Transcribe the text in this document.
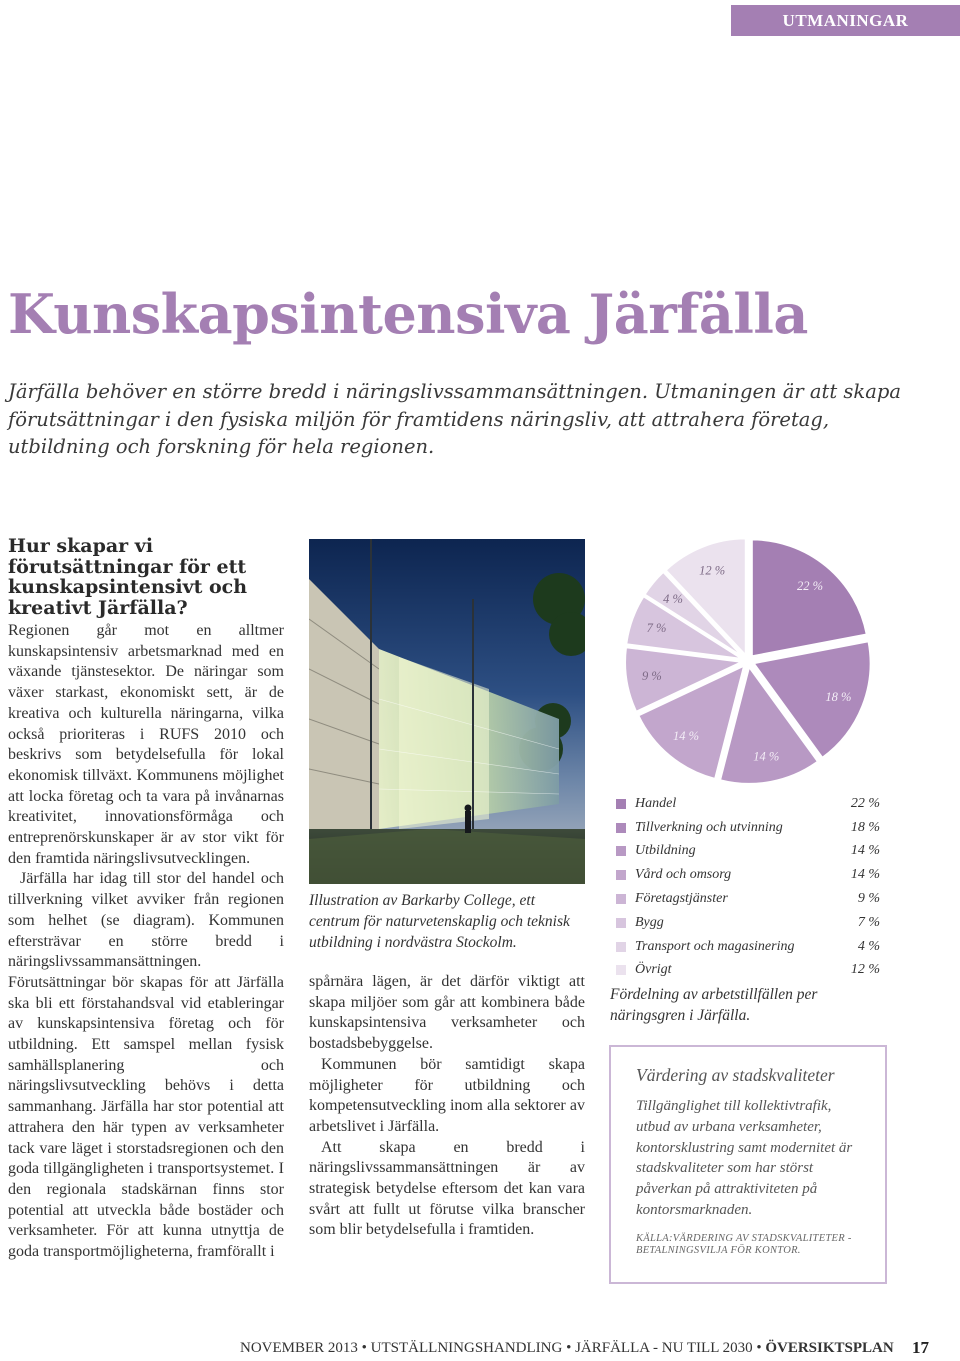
UTMANINGAR
Kunskapsintensiva Järfälla

Järfälla behöver en större bredd i näringslivssammansättningen. Utmaningen är att skapa förutsättningar i den fysiska miljön för framtidens näringsliv, att attrahera företag, utbildning och forskning för hela regionen.

Hur skapar vi förutsättningar för ett kunskapsintensivt och kreativt Järfälla?

Regionen går mot en alltmer kunskapsintensiv arbetsmarknad med en växande tjänstesektor. De näringar som växer starkast, ekonomiskt sett, är de kreativa och kulturella näringarna, vilka också prioriteras i RUFS 2010 och beskrivs som betydelsefulla för lokal ekonomisk tillväxt. Kommunens möjlighet att locka företag och ta vara på invånarnas kreativitet, innovationsförmåga och entreprenörskunskaper är av stor vikt för den framtida näringslivsutvecklingen.

Järfälla har idag till stor del handel och tillverkning vilket avviker från regionen som helhet (se diagram). Kommunen eftersträvar en större bredd i näringslivssammansättningen. Förutsättningar bör skapas för att Järfälla ska bli ett förstahandsval vid etableringar av kunskapsintensiva företag och för utbildning. Ett samspel mellan fysisk samhällsplanering och näringslivsutveckling behövs i detta sammanhang. Järfälla har stor potential att attrahera den här typen av verksamheter tack vare läget i storstadsregionen och den goda tillgängligheten i transportsystemet. I den regionala stadskärnan finns stor potential att utveckla både bostäder och verksamheter. För att kunna utnyttja de goda transportmöjligheterna, framförallt i

Illustration av Barkarby College, ett centrum för naturvetenskaplig och teknisk utbildning i nordvästra Stockolm.

spårnära lägen, är det därför viktigt att skapa miljöer som går att kombinera både kunskapsintensiva verksamheter och bostadsbebyggelse.

Kommunen bör samtidigt skapa möjligheter för utbildning och kompetensutveckling inom alla sektorer av arbetslivet i Järfälla.

Att skapa en bredd i näringslivssammansättningen är av strategisk betydelse eftersom det kan vara svårt att fullt ut förutse vilka branscher som blir betydelsefulla i framtiden.

22 %
18 %
14 %
14 %
9 %
7 %
4 %
12 %
Handel	22 %
Tillverkning och utvinning	18 %
Utbildning	14 %
Vård och omsorg	14 %
Företagstjänster	9 %
Bygg	7 %
Transport och magasinering	4 %
Övrigt	12 %

Fördelning av arbetstillfällen per näringsgren i Järfälla.

Värdering av stadskvaliteter

Tillgänglighet till kollektivtrafik, utbud av urbana verksamheter, kontorsklustring samt modernitet är stadskvaliteter som har störst påverkan på attraktiviteten på kontorsmarknaden.

KÄLLA:VÄRDERING AV STADSKVALITETER - BETALNINGSVILJA FÖR KONTOR.

NOVEMBER 2013 • UTSTÄLLNINGSHANDLING • JÄRFÄLLA - NU TILL 2030 • ÖVERSIKTSPLAN 17
